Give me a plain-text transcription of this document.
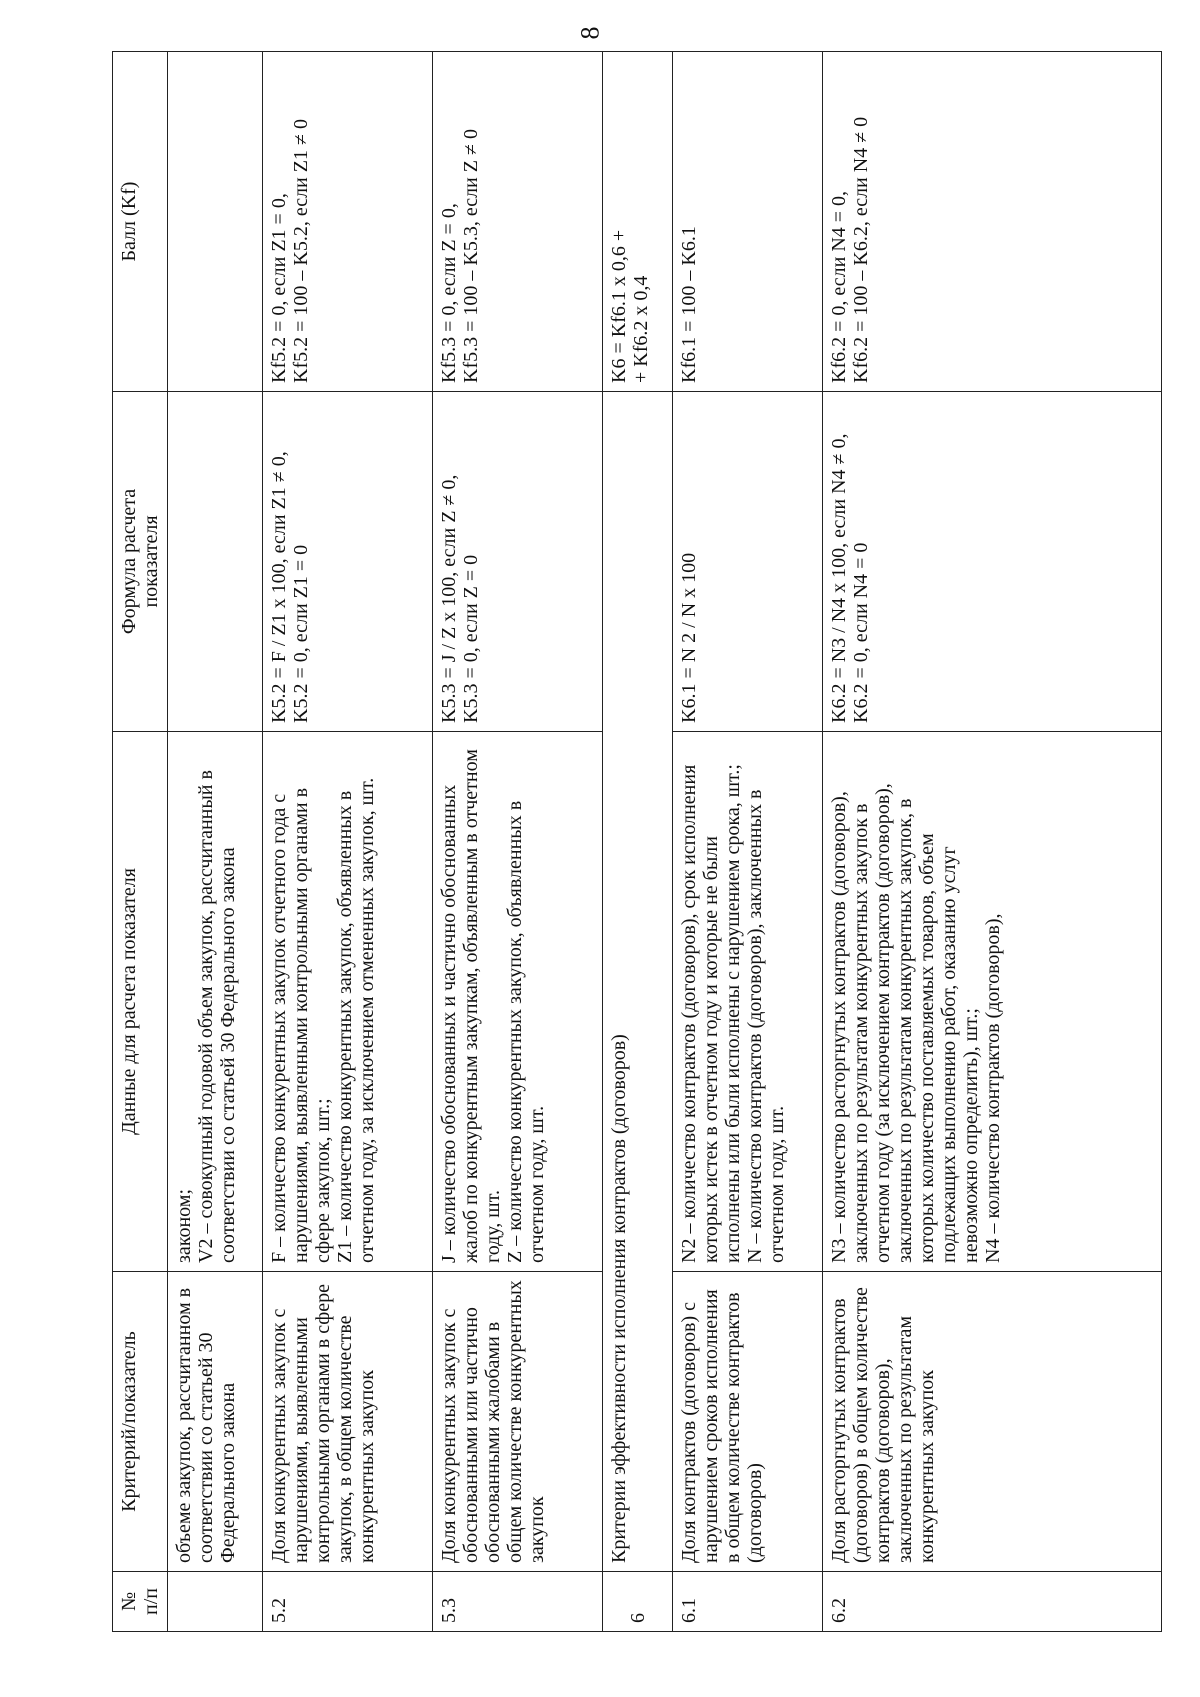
8
№
п/п	Критерий/показатель	Данные для расчета показателя	Формула расчета
показателя	Балл (Kf)

	объеме закупок, рассчитанном в соответствии со статьей 30 Федерального закона	законом;
V2 – совокупный годовой объем закупок, рассчитанный в соответствии со статьей 30 Федерального закона		

5.2	Доля конкурентных закупок с нарушениями, выявленными контрольными органами в сфере закупок, в общем количестве конкурентных закупок	F – количество конкурентных закупок отчетного года с нарушениями, выявленными контрольными органами в сфере закупок, шт.;
Z1 – количество конкурентных закупок, объявленных в отчетном году, за исключением отмененных закупок, шт.	K5.2 = F / Z1 x 100, если Z1 ≠ 0,
K5.2 = 0, если Z1 = 0	Kf5.2 = 0, если Z1 = 0,
Kf5.2 = 100 – K5.2, если Z1 ≠ 0

5.3	Доля конкурентных закупок с обоснованными или частично обоснованными жалобами в общем количестве конкурентных закупок	J – количество обоснованных и частично обоснованных жалоб по конкурентным закупкам, объявленным в отчетном году, шт.
Z – количество конкурентных закупок, объявленных в отчетном году, шт.	K5.3 = J / Z x 100, если Z ≠ 0,
K5.3 = 0, если Z = 0	Kf5.3 = 0, если Z = 0,
Kf5.3 = 100 – K5.3, если Z ≠ 0

6	Критерии эффективности исполнения контрактов (договоров)			K6 = Kf6.1 x 0,6 +
+ Kf6.2 x 0,4

6.1	Доля контрактов (договоров) с нарушением сроков исполнения в общем количестве контрактов (договоров)	N2 – количество контрактов (договоров), срок исполнения которых истек в отчетном году и которые не были исполнены или были исполнены с нарушением срока, шт.;
N – количество контрактов (договоров), заключенных в отчетном году, шт.	K6.1 = N 2 / N x 100	Kf6.1 = 100 – K6.1

6.2	Доля расторгнутых контрактов (договоров) в общем количестве контрактов (договоров), заключенных по результатам конкурентных закупок	N3 – количество расторгнутых контрактов (договоров), заключенных по результатам конкурентных закупок в отчетном году (за исключением контрактов (договоров), заключенных по результатам конкурентных закупок, в которых количество поставляемых товаров, объем подлежащих выполнению работ, оказанию услуг невозможно определить), шт.;
N4 – количество контрактов (договоров),	K6.2 = N3 / N4 x 100, если N4 ≠ 0,
K6.2 = 0, если N4 = 0	Kf6.2 = 0, если N4 = 0,
Kf6.2 = 100 – K6.2, если N4 ≠ 0
